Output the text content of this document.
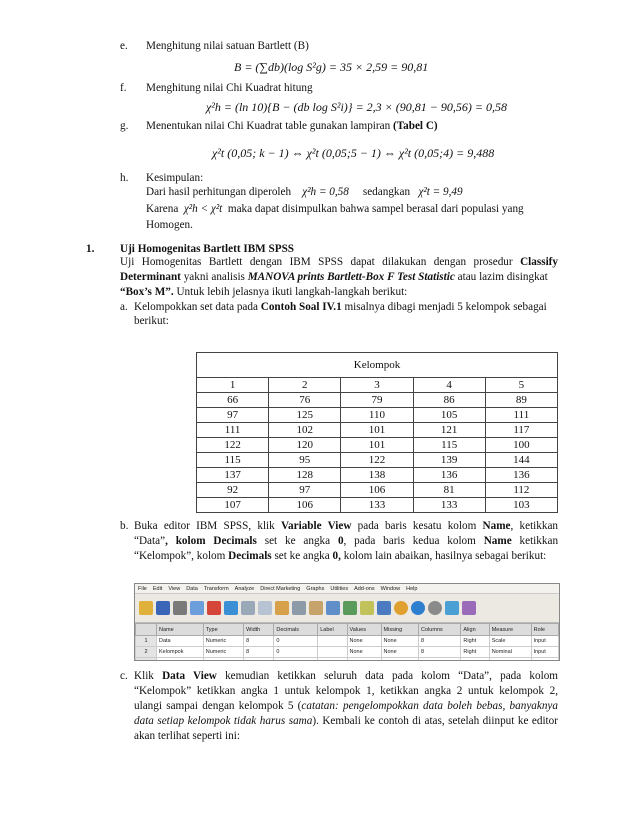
e. Menghitung nilai satuan Bartlett (B)
B = (∑db)(log S²g) = 35 × 2,59 = 90,81
f. Menghitung nilai Chi Kuadrat hitung
χ²h = (ln 10){B − (db log S²i)} = 2,3 × (90,81 − 90,56) = 0,58
g. Menentukan nilai Chi Kuadrat table gunakan lampiran (Tabel C)
χ²t (0,05; k − 1) ⇔ χ²t (0,05;5 − 1) ⇔ χ²t (0,05;4) = 9,488
h. Kesimpulan:
Dari hasil perhitungan diperoleh χ²h = 0,58 sedangkan χ²t = 9,49
Karena χ²h < χ²t maka dapat disimpulkan bahwa sampel berasal dari populasi yang
Homogen.
1. Uji Homogenitas Bartlett IBM SPSS
Uji Homogenitas Bartlett dengan IBM SPSS dapat dilakukan dengan prosedur Classify
Determinant yakni analisis MANOVA prints Bartlett-Box F Test Statistic atau lazim disingkat
“Box’s M”. Untuk lebih jelasnya ikuti langkah-langkah berikut:
a. Kelompokkan set data pada Contoh Soal IV.1 misalnya dibagi menjadi 5 kelompok sebagai
berikut:
Kelompok				
1	2	3	4	5
66	76	79	86	89
97	125	110	105	111
111	102	101	121	117
122	120	101	115	100
115	95	122	139	144
137	128	138	136	136
92	97	106	81	112
107	106	133	133	103
b. Buka editor IBM SPSS, klik Variable View pada baris kesatu kolom Name, ketikkan
“Data”, kolom Decimals set ke angka 0, pada baris kedua kolom Name ketikkan
“Kelompok”, kolom Decimals set ke angka 0, kolom lain abaikan, hasilnya sebagai berikut:
File Edit View Data Transform Analyze Direct Marketing Graphs Utilities Add-ons Window Help
	Name	Type	Width	Decimals	Label	Values	Missing	Columns	Align	Measure	Role
1	Data	Numeric	8	0		None	None	8	Right	Scale	Input
2	Kelompok	Numeric	8	0		None	None	8	Right	Nominal	Input

c. Klik Data View kemudian ketikkan seluruh data pada kolom “Data”, pada kolom
“Kelompok” ketikkan angka 1 untuk kelompok 1, ketikkan angka 2 untuk kelompok 2,
ulangi sampai dengan kelompok 5 (catatan: pengelompokkan data boleh bebas, banyaknya
data setiap kelompok tidak harus sama). Kembali ke contoh di atas, setelah diinput ke editor
akan terlihat seperti ini:
